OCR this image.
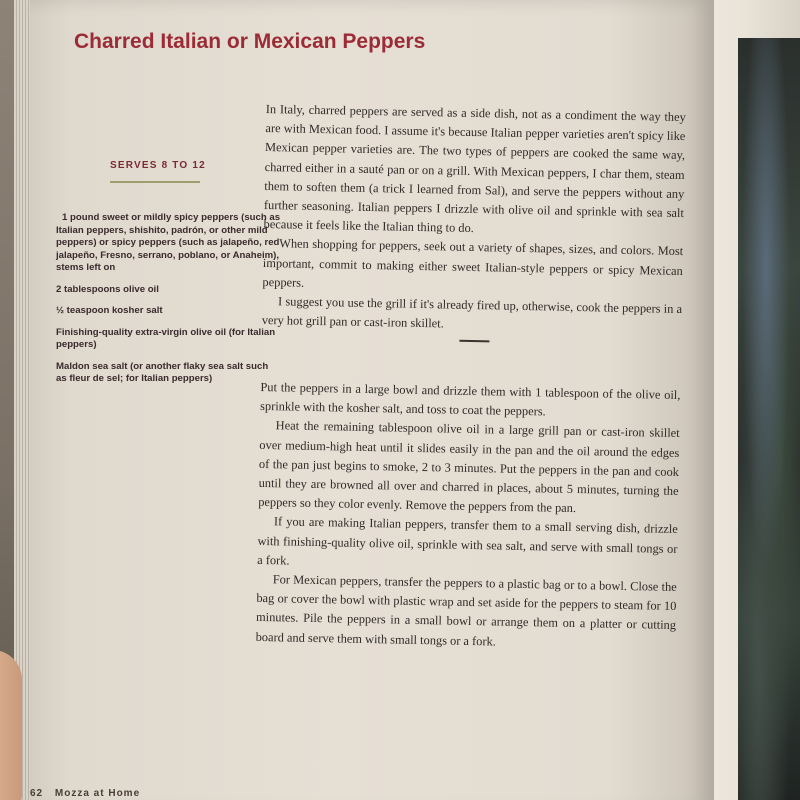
Charred Italian or Mexican Peppers
SERVES 8 TO 12
1 pound sweet or mildly spicy peppers (such as Italian peppers, shishito, padrón, or other mild peppers) or spicy peppers (such as jalapeño, red jalapeño, Fresno, serrano, poblano, or Anaheim), stems left on
2 tablespoons olive oil
½ teaspoon kosher salt
Finishing-quality extra-virgin olive oil (for Italian peppers)
Maldon sea salt (or another flaky sea salt such as fleur de sel; for Italian peppers)

In Italy, charred peppers are served as a side dish, not as a condiment the way they are with Mexican food. I assume it's because Italian pepper varieties aren't spicy like Mexican pepper varieties are. The two types of peppers are cooked the same way, charred either in a sauté pan or on a grill. With Mexican peppers, I char them, steam them to soften them (a trick I learned from Sal), and serve the peppers without any further seasoning. Italian peppers I drizzle with olive oil and sprinkle with sea salt because it feels like the Italian thing to do.

When shopping for peppers, seek out a variety of shapes, sizes, and colors. Most important, commit to making either sweet Italian-style peppers or spicy Mexican peppers.

I suggest you use the grill if it's already fired up, otherwise, cook the peppers in a very hot grill pan or cast-iron skillet.

Put the peppers in a large bowl and drizzle them with 1 tablespoon of the olive oil, sprinkle with the kosher salt, and toss to coat the peppers.

Heat the remaining tablespoon olive oil in a large grill pan or cast-iron skillet over medium-high heat until it slides easily in the pan and the oil around the edges of the pan just begins to smoke, 2 to 3 minutes. Put the peppers in the pan and cook until they are browned all over and charred in places, about 5 minutes, turning the peppers so they color evenly. Remove the peppers from the pan.

If you are making Italian peppers, transfer them to a small serving dish, drizzle with finishing-quality olive oil, sprinkle with sea salt, and serve with small tongs or a fork.

For Mexican peppers, transfer the peppers to a plastic bag or to a bowl. Close the bag or cover the bowl with plastic wrap and set aside for the peppers to steam for 10 minutes. Pile the peppers in a small bowl or arrange them on a platter or cutting board and serve them with small tongs or a fork.

62 Mozza at Home
